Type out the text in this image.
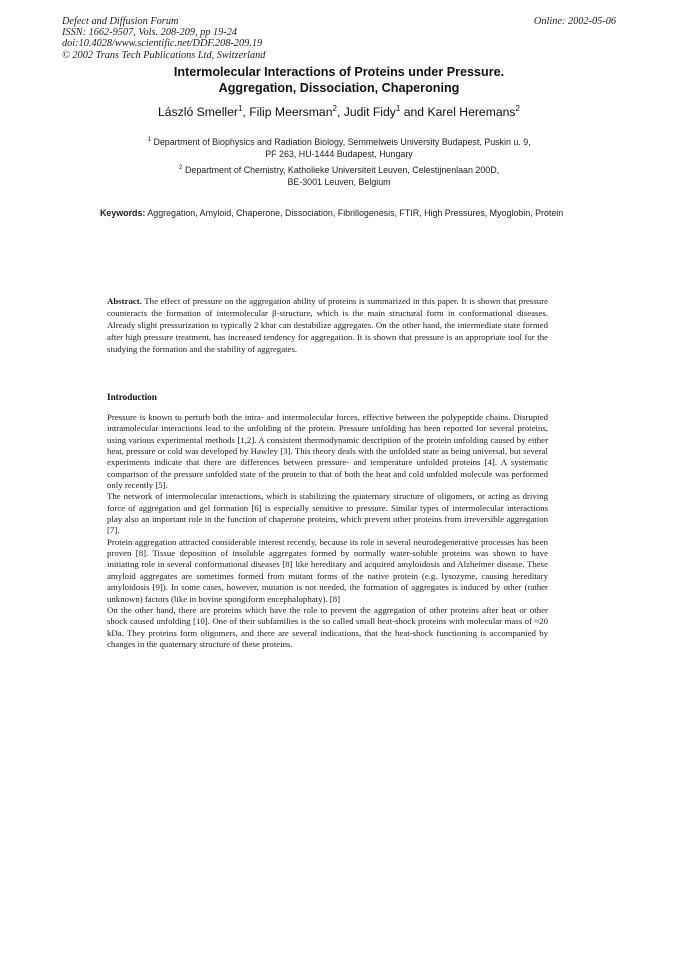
Defect and Diffusion Forum
ISSN: 1662-9507, Vols. 208-209, pp 19-24
doi:10.4028/www.scientific.net/DDF.208-209.19
© 2002 Trans Tech Publications Ltd, Switzerland
Online: 2002-05-06
Intermolecular Interactions of Proteins under Pressure.
Aggregation, Dissociation, Chaperoning
László Smeller$^1$, Filip Meersman$^2$, Judit Fidy$^1$ and Karel Heremans$^2$
$^1$ Department of Biophysics and Radiation Biology, Semmelweis University Budapest, Puskin u. 9,
PF 263, HU-1444 Budapest, Hungary
$^2$ Department of Chemistry, Katholieke Universiteit Leuven, Celestijnenlaan 200D,
BE-3001 Leuven, Belgium
Keywords: Aggregation, Amyloid, Chaperone, Dissociation, Fibrillogenesis, FTIR, High Pressures, Myoglobin, Protein
Abstract. The effect of pressure on the aggregation ability of proteins is summarized in this paper. It is shown that pressure counteracts the formation of intermolecular β-structure, which is the main structural form in conformational diseases. Already slight pressurization to typically 2 kbar can destabilize aggregates. On the other hand, the intermediate state formed after high pressure treatment, has increased tendency for aggregation. It is shown that pressure is an appropriate tool for the studying the formation and the stability of aggregates.
Introduction

Pressure is known to perturb both the intra- and intermolecular forces, effective between the polypeptide chains. Disrupted intramolecular interactions lead to the unfolding of the protein. Pressure unfolding has been reported for several proteins, using various experimental methods [1,2]. A consistent thermodynamic description of the protein unfolding caused by either heat, pressure or cold was developed by Hawley [3]. This theory deals with the unfolded state as being universal, but several experiments indicate that there are differences between pressure- and temperature unfolded proteins [4]. A systematic comparison of the pressure unfolded state of the protein to that of both the heat and cold unfolded molecule was performed only recently [5].

The network of intermolecular interactions, which is stabilizing the quaternary structure of oligomers, or acting as driving force of aggregation and gel formation [6] is especially sensitive to pressure. Similar types of intermolecular interactions play also an important role in the function of chaperone proteins, which prevent other proteins from irreversible aggregation [7].

Protein aggregation attracted considerable interest recently, because its role in several neurodegenerative processes has been proven [8]. Tissue deposition of insoluble aggregates formed by normally water-soluble proteins was shown to have initiating role in several conformational diseases [8] like hereditary and acquired amyloidosis and Alzheimer disease. These amyloid aggregates are sometimes formed from mutant forms of the native protein (e.g. lysozyme, causing hereditary amyloidosis [9]). In some cases, however, mutation is not needed, the formation of aggregates is induced by other (rather unknown) factors (like in bovine spongiform encephalophaty). [8]

On the other hand, there are proteins which have the role to prevent the aggregation of other proteins after heat or other shock caused unfolding [10]. One of their subfamilies is the so called small heat-shock proteins with molecular mass of ≈20 kDa. They proteins form oligomers, and there are several indications, that the heat-shock functioning is accompanied by changes in the quaternary structure of these proteins.
